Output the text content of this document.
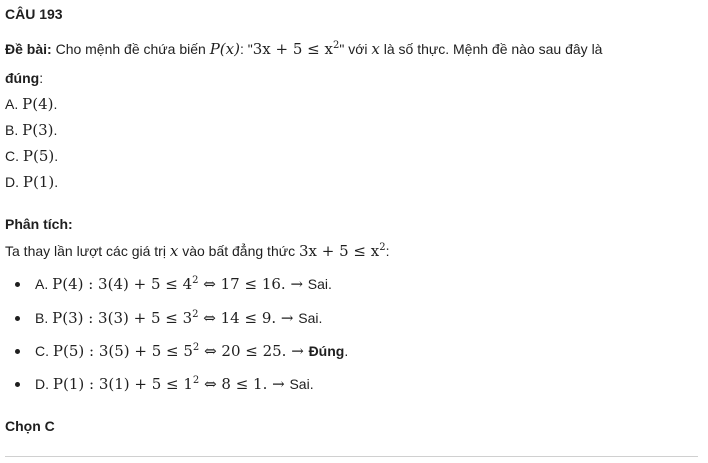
CÂU 193
Đề bài: Cho mệnh đề chứa biến P(x): "$3x + 5 \le x^2$" với x là số thực. Mệnh đề nào sau đây là
đúng:
A. P(4).
B. P(3).
C. P(5).
D. P(1).
Phân tích:
Ta thay lần lượt các giá trị x vào bất đẳng thức $3x + 5 \le x^2$:
A. P(4) : $3(4) + 5 \le 4^2$ ⇔ 17 ≤ 16. → Sai.
B. P(3) : $3(3) + 5 \le 3^2$ ⇔ 14 ≤ 9. → Sai.
C. P(5) : $3(5) + 5 \le 5^2$ ⇔ 20 ≤ 25. → Đúng.
D. P(1) : $3(1) + 5 \le 1^2$ ⇔ 8 ≤ 1. → Sai.
Chọn C
